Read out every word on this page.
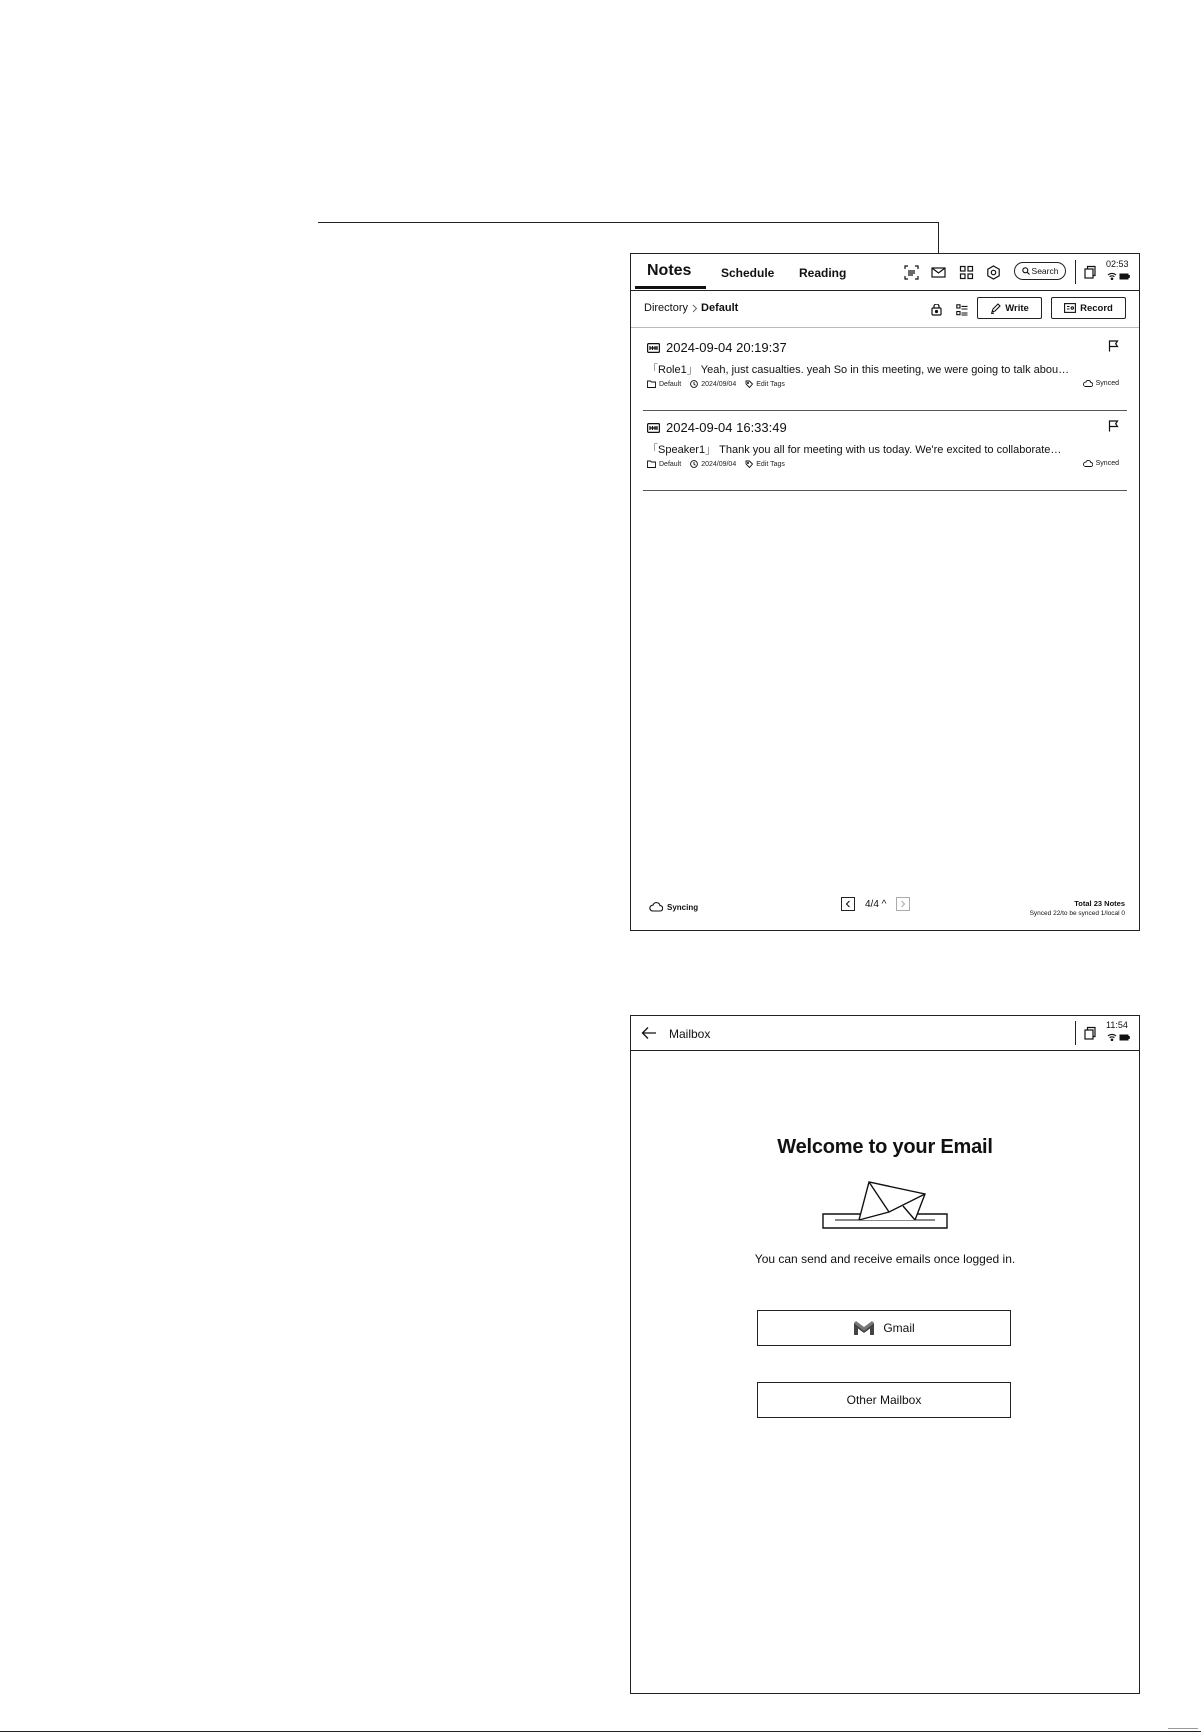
Notes Schedule Reading	Search
02:53
Directory Default	Write	Record
2024-09-04 20:19:37
「Role1」 Yeah, just casualties. yeah So in this meeting, we were going to talk abou…
Default	2024/09/04	Edit Tags	Synced
2024-09-04 16:33:49
「Speaker1」 Thank you all for meeting with us today. We're excited to collaborate…
Default	2024/09/04	Edit Tags	Synced
Syncing	4/4 ^	Total 23 Notes
Synced 22/to be synced 1/local 0
Mailbox
11:54
Welcome to your Email
You can send and receive emails once logged in.
Gmail
Other Mailbox
